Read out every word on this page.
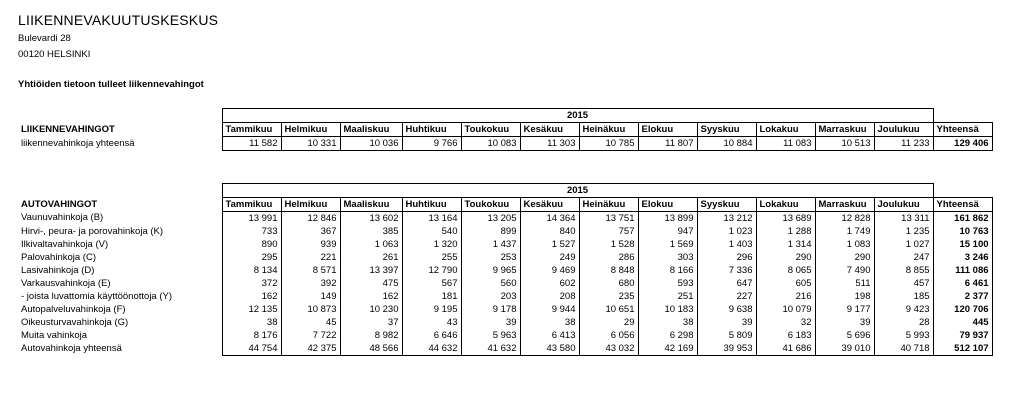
LIIKENNEVAKUUTUSKESKUS
Bulevardi 28
00120 HELSINKI
Yhtiöiden tietoon tulleet liikennevahingot
	2015												
LIIKENNEVAHINGOT	Tammikuu	Helmikuu	Maaliskuu	Huhtikuu	Toukokuu	Kesäkuu	Heinäkuu	Elokuu	Syyskuu	Lokakuu	Marraskuu	Joulukuu	Yhteensä
liikennevahinkoja yhteensä	11 582	10 331	10 036	9 766	10 083	11 303	10 785	11 807	10 884	11 083	10 513	11 233	129 406
	2015												
AUTOVAHINGOT	Tammikuu	Helmikuu	Maaliskuu	Huhtikuu	Toukokuu	Kesäkuu	Heinäkuu	Elokuu	Syyskuu	Lokakuu	Marraskuu	Joulukuu	Yhteensä
Vaunuvahinkoja (B)	13 991	12 846	13 602	13 164	13 205	14 364	13 751	13 899	13 212	13 689	12 828	13 311	161 862
Hirvi-, peura- ja porovahinkoja (K)	733	367	385	540	899	840	757	947	1 023	1 288	1 749	1 235	10 763
Ilkivaltavahinkoja (V)	890	939	1 063	1 320	1 437	1 527	1 528	1 569	1 403	1 314	1 083	1 027	15 100
Palovahinkoja (C)	295	221	261	255	253	249	286	303	296	290	290	247	3 246
Lasivahinkoja (D)	8 134	8 571	13 397	12 790	9 965	9 469	8 848	8 166	7 336	8 065	7 490	8 855	111 086
Varkausvahinkoja (E)	372	392	475	567	560	602	680	593	647	605	511	457	6 461
- joista luvattomia käyttöönottoja (Y)	162	149	162	181	203	208	235	251	227	216	198	185	2 377
Autopalveluvahinkoja (F)	12 135	10 873	10 230	9 195	9 178	9 944	10 651	10 183	9 638	10 079	9 177	9 423	120 706
Oikeusturvavahinkoja (G)	38	45	37	43	39	38	29	38	39	32	39	28	445
Muita vahinkoja	8 176	7 722	8 982	6 646	5 963	6 413	6 056	6 298	5 809	6 183	5 696	5 993	79 937
Autovahinkoja yhteensä	44 754	42 375	48 566	44 632	41 632	43 580	43 032	42 169	39 953	41 686	39 010	40 718	512 107
